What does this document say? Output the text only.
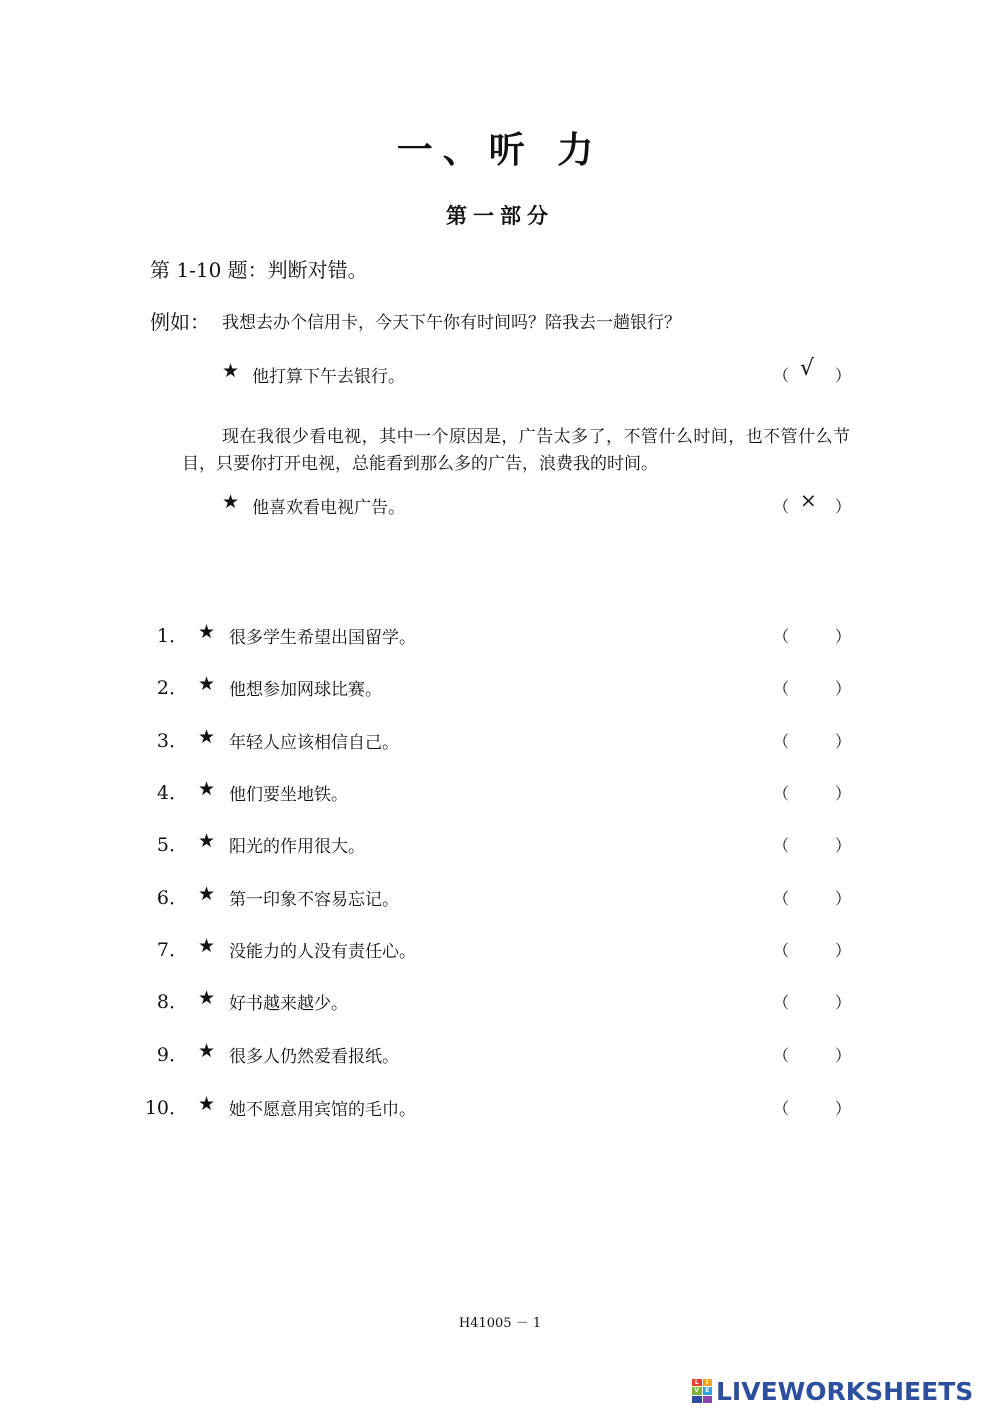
一、听 力
第一部分
第 1-10 题：判断对错。
例如： 我想去办个信用卡，今天下午你有时间吗？陪我去一趟银行？
★ 他打算下午去银行。	（ √ ）
现在我很少看电视，其中一个原因是，广告太多了，不管什么时间，也不管什么节目，只要你打开电视，总能看到那么多的广告，浪费我的时间。
★ 他喜欢看电视广告。	（ × ）
1． ★ 很多学生希望出国留学。	（	）
2． ★ 他想参加网球比赛。	（	）
3． ★ 年轻人应该相信自己。	（	）
4． ★ 他们要坐地铁。	（	）
5． ★ 阳光的作用很大。	（	）
6． ★ 第一印象不容易忘记。	（	）
7． ★ 没能力的人没有责任心。	（	）
8． ★ 好书越来越少。	（	）
9． ★ 很多人仍然爱看报纸。	（	）
10． ★ 她不愿意用宾馆的毛巾。	（	）
H41005 － 1
L	I
V	E LIVEWORKSHEETS
